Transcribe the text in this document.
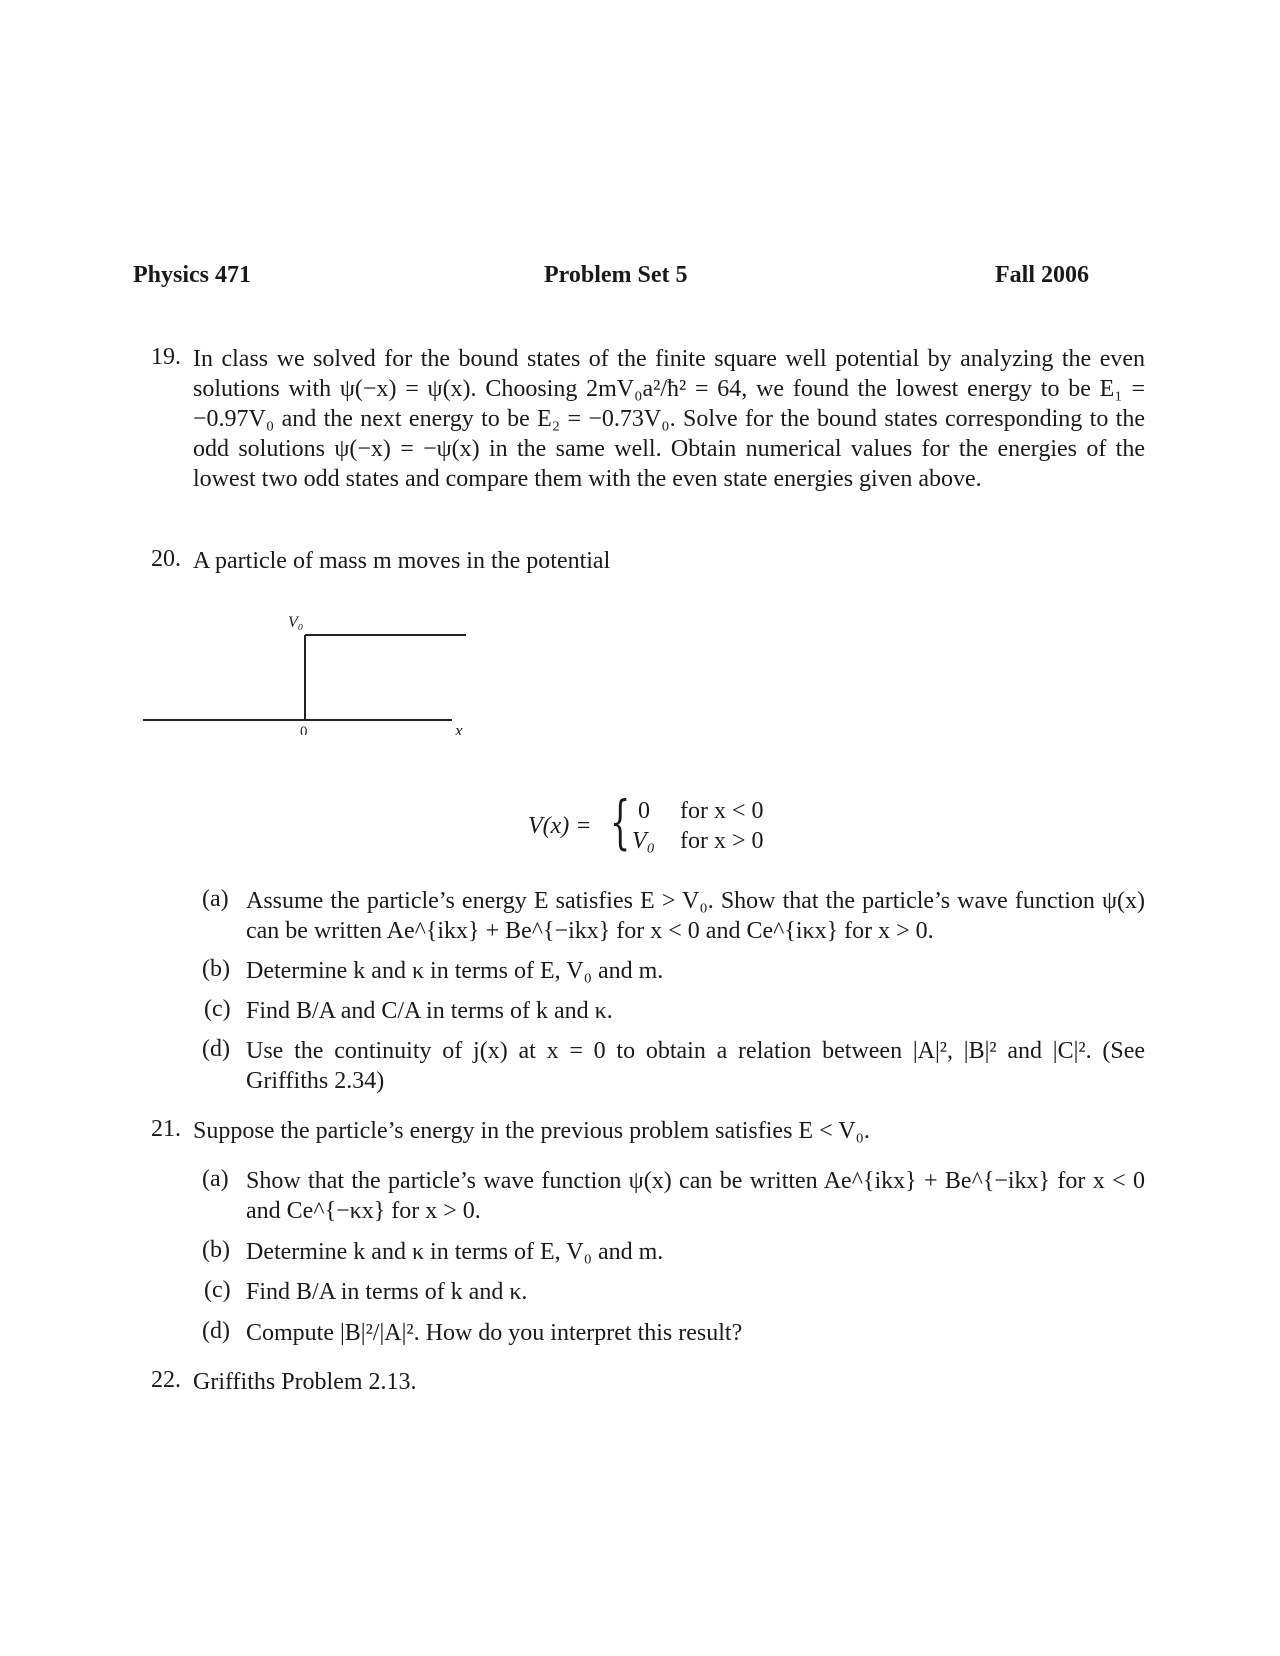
Physics 471	Problem Set 5	Fall 2006
19. In class we solved for the bound states of the finite square well potential by analyzing the even solutions with ψ(−x) = ψ(x). Choosing 2mV₀a²/ħ² = 64, we found the lowest energy to be E₁ = −0.97V₀ and the next energy to be E₂ = −0.73V₀. Solve for the bound states corresponding to the odd solutions ψ(−x) = −ψ(x) in the same well. Obtain numerical values for the energies of the lowest two odd states and compare them with the even state energies given above.
20. A particle of mass m moves in the potential
V₀
0	x
V(x) = { 0 for x < 0
V₀ for x > 0
(a) Assume the particle’s energy E satisfies E > V₀. Show that the particle’s wave function ψ(x) can be written Ae^{ikx} + Be^{−ikx} for x < 0 and Ce^{iκx} for x > 0.
(b) Determine k and κ in terms of E, V₀ and m.
(c) Find B/A and C/A in terms of k and κ.
(d) Use the continuity of j(x) at x = 0 to obtain a relation between |A|², |B|² and |C|². (See Griffiths 2.34)
21. Suppose the particle’s energy in the previous problem satisfies E < V₀.
(a) Show that the particle’s wave function ψ(x) can be written Ae^{ikx} + Be^{−ikx} for x < 0 and Ce^{−κx} for x > 0.
(b) Determine k and κ in terms of E, V₀ and m.
(c) Find B/A in terms of k and κ.
(d) Compute |B|²/|A|². How do you interpret this result?
22. Griffiths Problem 2.13.
